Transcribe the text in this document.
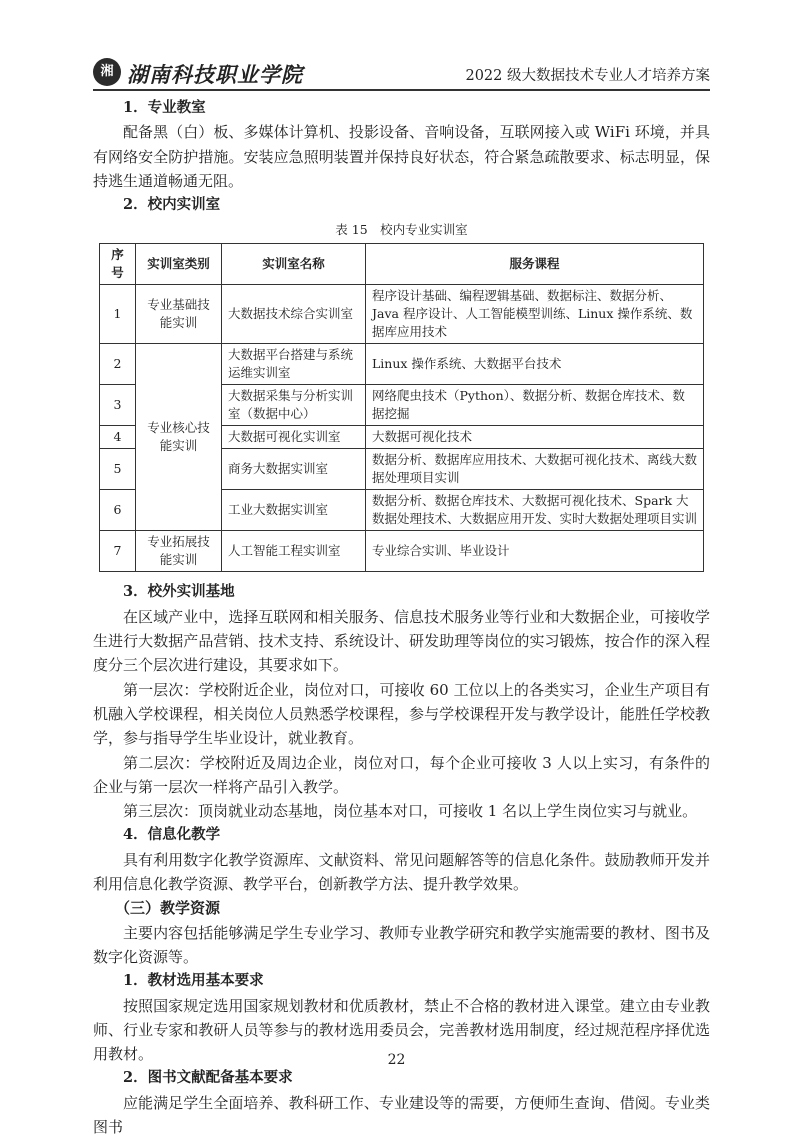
湘 湖南科技职业学院	2022 级大数据技术专业人才培养方案

1．专业教室

配备黑（白）板、多媒体计算机、投影设备、音响设备，互联网接入或 WiFi 环境，并具有网络安全防护措施。安装应急照明装置并保持良好状态，符合紧急疏散要求、标志明显，保持逃生通道畅通无阻。

2．校内实训室

表 15　校内专业实训室

序号	实训室类别	实训室名称	服务课程
1	专业基础技能实训	大数据技术综合实训室	程序设计基础、编程逻辑基础、数据标注、数据分析、Java 程序设计、人工智能模型训练、Linux 操作系统、数据库应用技术
2	专业核心技能实训	大数据平台搭建与系统运维实训室	Linux 操作系统、大数据平台技术
3		大数据采集与分析实训室（数据中心）	网络爬虫技术（Python）、数据分析、数据仓库技术、数据挖掘
4		大数据可视化实训室	大数据可视化技术
5		商务大数据实训室	数据分析、数据库应用技术、大数据可视化技术、离线大数据处理项目实训
6		工业大数据实训室	数据分析、数据仓库技术、大数据可视化技术、Spark 大数据处理技术、大数据应用开发、实时大数据处理项目实训
7	专业拓展技能实训	人工智能工程实训室	专业综合实训、毕业设计

3．校外实训基地

在区域产业中，选择互联网和相关服务、信息技术服务业等行业和大数据企业，可接收学生进行大数据产品营销、技术支持、系统设计、研发助理等岗位的实习锻炼，按合作的深入程度分三个层次进行建设，其要求如下。

第一层次：学校附近企业，岗位对口，可接收 60 工位以上的各类实习，企业生产项目有机融入学校课程，相关岗位人员熟悉学校课程，参与学校课程开发与教学设计，能胜任学校教学，参与指导学生毕业设计，就业教育。

第二层次：学校附近及周边企业，岗位对口，每个企业可接收 3 人以上实习，有条件的企业与第一层次一样将产品引入教学。

第三层次：顶岗就业动态基地，岗位基本对口，可接收 1 名以上学生岗位实习与就业。

4．信息化教学

具有利用数字化教学资源库、文献资料、常见问题解答等的信息化条件。鼓励教师开发并利用信息化教学资源、教学平台，创新教学方法、提升教学效果。

（三）教学资源

主要内容包括能够满足学生专业学习、教师专业教学研究和教学实施需要的教材、图书及数字化资源等。

1．教材选用基本要求

按照国家规定选用国家规划教材和优质教材，禁止不合格的教材进入课堂。建立由专业教师、行业专家和教研人员等参与的教材选用委员会，完善教材选用制度，经过规范程序择优选用教材。

2．图书文献配备基本要求

应能满足学生全面培养、教科研工作、专业建设等的需要，方便师生查询、借阅。专业类图书

22
